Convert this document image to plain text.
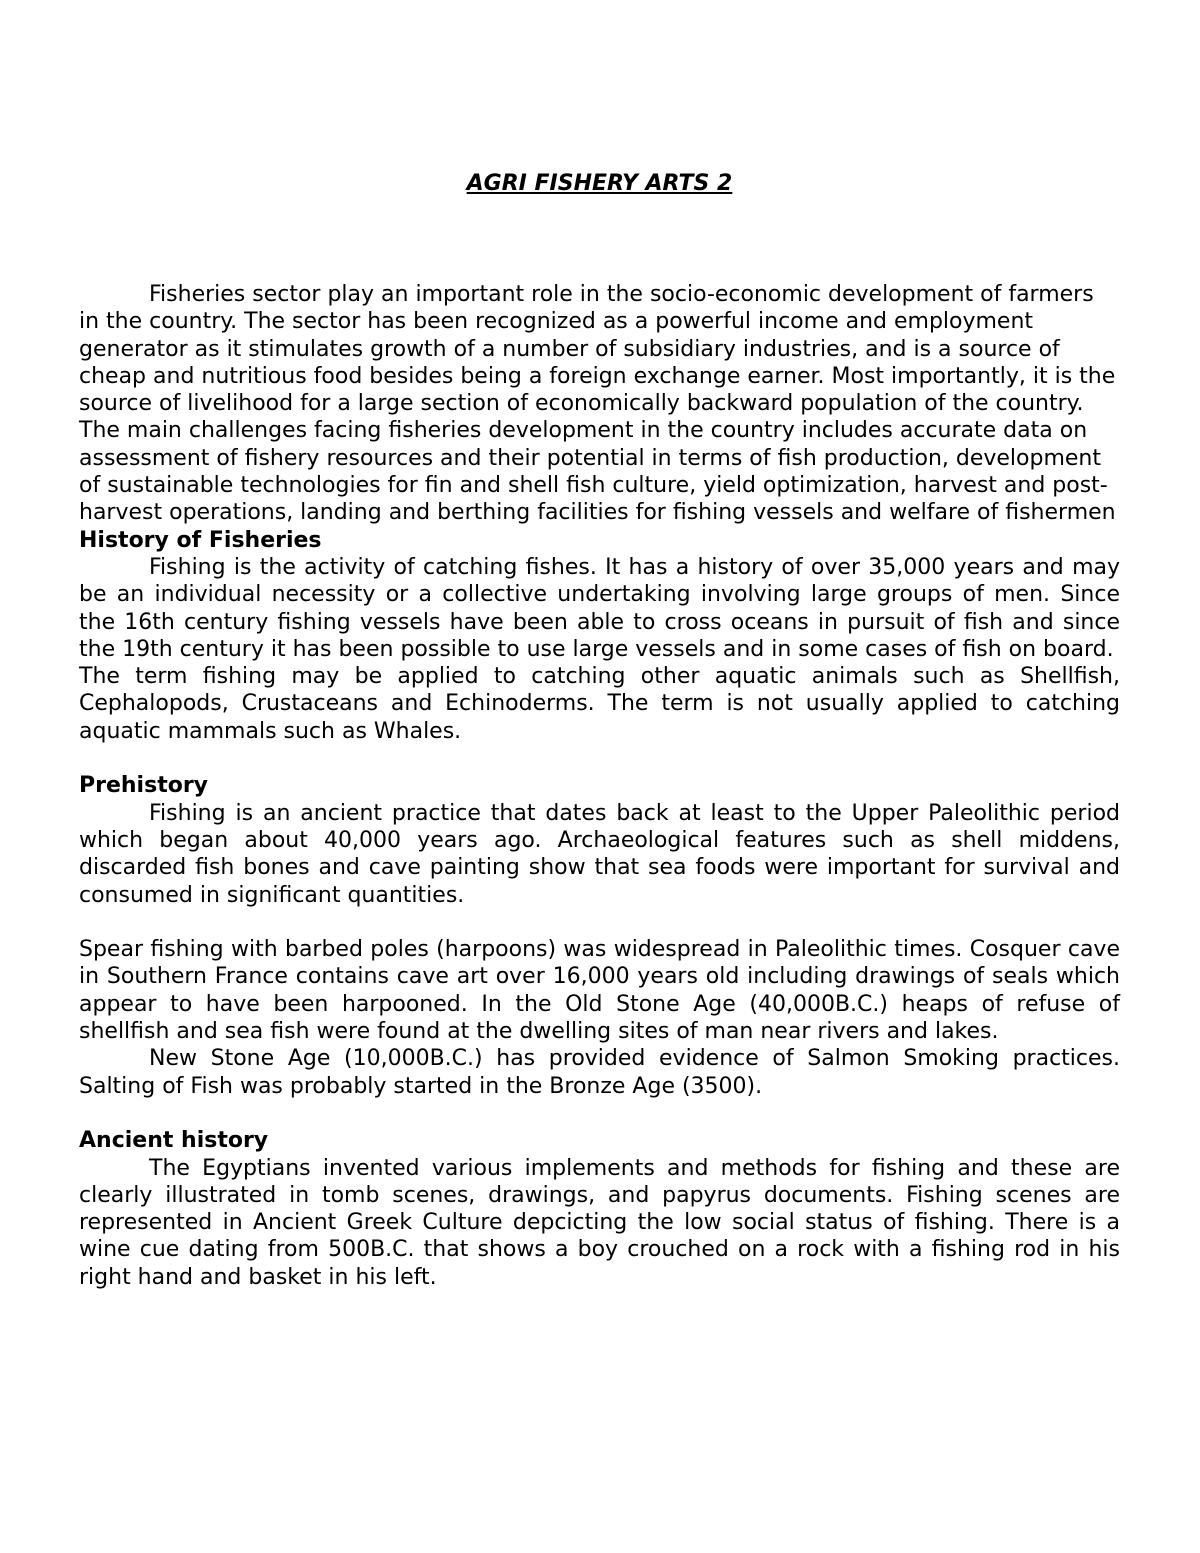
AGRI FISHERY ARTS 2

Fisheries sector play an important role in the socio-economic development of farmers in the country. The sector has been recognized as a powerful income and employment generator as it stimulates growth of a number of subsidiary industries, and is a source of cheap and nutritious food besides being a foreign exchange earner. Most importantly, it is the source of livelihood for a large section of economically backward population of the country. The main challenges facing fisheries development in the country includes accurate data on assessment of fishery resources and their potential in terms of fish production, development of sustainable technologies for fin and shell fish culture, yield optimization, harvest and post-harvest operations, landing and berthing facilities for fishing vessels and welfare of fishermen

History of Fisheries

Fishing is the activity of catching fishes. It has a history of over 35,000 years and may be an individual necessity or a collective undertaking involving large groups of men. Since the 16th century fishing vessels have been able to cross oceans in pursuit of fish and since the 19th century it has been possible to use large vessels and in some cases of fish on board.

The term fishing may be applied to catching other aquatic animals such as Shellfish, Cephalopods, Crustaceans and Echinoderms. The term is not usually applied to catching aquatic mammals such as Whales.

Prehistory

Fishing is an ancient practice that dates back at least to the Upper Paleolithic period which began about 40,000 years ago. Archaeological features such as shell middens, discarded fish bones and cave painting show that sea foods were important for survival and consumed in significant quantities.

Spear fishing with barbed poles (harpoons) was widespread in Paleolithic times. Cosquer cave in Southern France contains cave art over 16,000 years old including drawings of seals which appear to have been harpooned. In the Old Stone Age (40,000B.C.) heaps of refuse of shellfish and sea fish were found at the dwelling sites of man near rivers and lakes.

New Stone Age (10,000B.C.) has provided evidence of Salmon Smoking practices. Salting of Fish was probably started in the Bronze Age (3500).

Ancient history

The Egyptians invented various implements and methods for fishing and these are clearly illustrated in tomb scenes, drawings, and papyrus documents. Fishing scenes are represented in Ancient Greek Culture depcicting the low social status of fishing. There is a wine cue dating from 500B.C. that shows a boy crouched on a rock with a fishing rod in his right hand and basket in his left.
